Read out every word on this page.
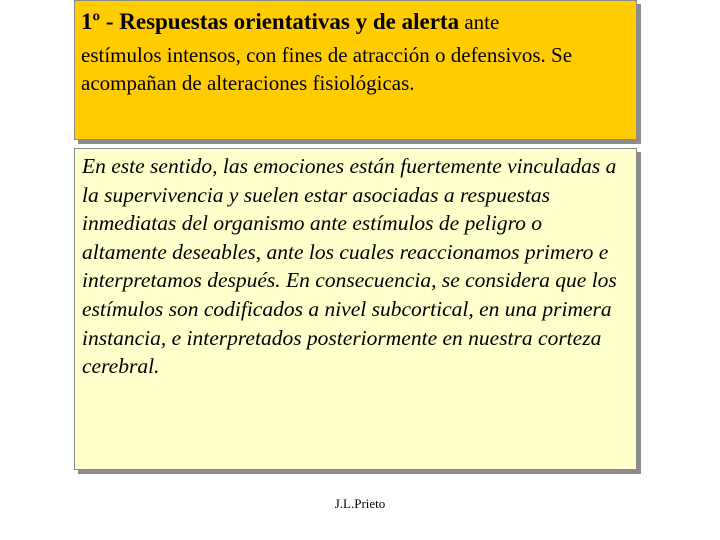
1º - Respuestas orientativas y de alerta ante
estímulos intensos, con fines de atracción o defensivos. Se acompañan de alteraciones fisiológicas.

En este sentido, las emociones están fuertemente vinculadas a la supervivencia y suelen estar asociadas a respuestas inmediatas del organismo ante estímulos de peligro o altamente deseables, ante los cuales reaccionamos primero e interpretamos después. En consecuencia, se considera que los estímulos son codificados a nivel subcortical, en una primera instancia, e interpretados posteriormente en nuestra corteza cerebral.

J.L.Prieto
